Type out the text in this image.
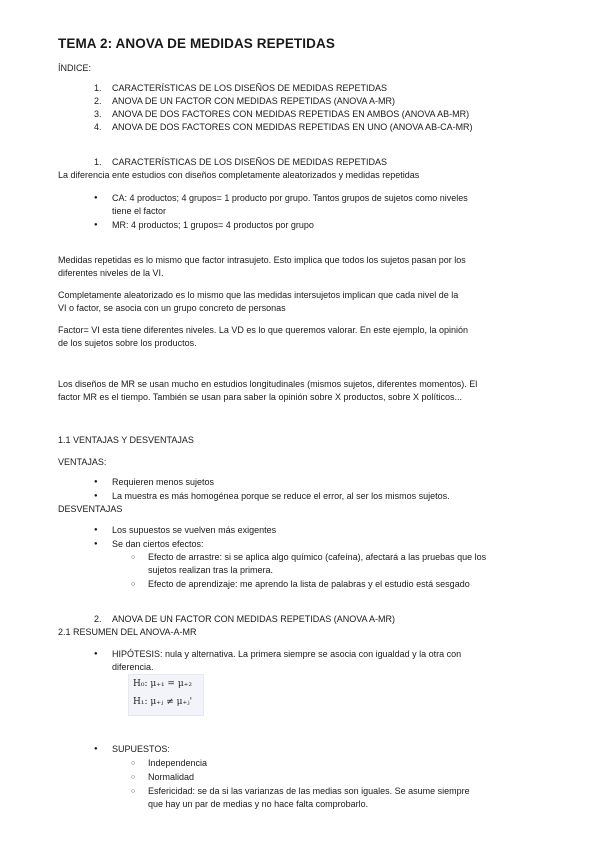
TEMA 2: ANOVA DE MEDIDAS REPETIDAS
ÍNDICE:
1. CARACTERÍSTICAS DE LOS DISEÑOS DE MEDIDAS REPETIDAS
2. ANOVA DE UN FACTOR CON MEDIDAS REPETIDAS (ANOVA A-MR)
3. ANOVA DE DOS FACTORES CON MEDIDAS REPETIDAS EN AMBOS (ANOVA AB-MR)
4. ANOVA DE DOS FACTORES CON MEDIDAS REPETIDAS EN UNO (ANOVA AB-CA-MR)
1. CARACTERÍSTICAS DE LOS DISEÑOS DE MEDIDAS REPETIDAS
La diferencia ente estudios con diseños completamente aleatorizados y medidas repetidas
● CA: 4 productos; 4 grupos= 1 producto por grupo. Tantos grupos de sujetos como niveles
tiene el factor
● MR: 4 productos; 1 grupos= 4 productos por grupo
Medidas repetidas es lo mismo que factor intrasujeto. Esto implica que todos los sujetos pasan por los
diferentes niveles de la VI.
Completamente aleatorizado es lo mismo que las medidas intersujetos implican que cada nivel de la
VI o factor, se asocia con un grupo concreto de personas
Factor= VI esta tiene diferentes niveles. La VD es lo que queremos valorar. En este ejemplo, la opinión
de los sujetos sobre los productos.
Los diseños de MR se usan mucho en estudios longitudinales (mismos sujetos, diferentes momentos). El
factor MR es el tiempo. También se usan para saber la opinión sobre X productos, sobre X políticos...
1.1 VENTAJAS Y DESVENTAJAS
VENTAJAS:
● Requieren menos sujetos
● La muestra es más homogénea porque se reduce el error, al ser los mismos sujetos.
DESVENTAJAS
● Los supuestos se vuelven más exigentes
● Se dan ciertos efectos:
○ Efecto de arrastre: si se aplica algo químico (cafeína), afectará a las pruebas que los
sujetos realizan tras la primera.
○ Efecto de aprendizaje: me aprendo la lista de palabras y el estudio está sesgado
2. ANOVA DE UN FACTOR CON MEDIDAS REPETIDAS (ANOVA A-MR)
2.1 RESUMEN DEL ANOVA-A-MR
● HIPÓTESIS: nula y alternativa. La primera siempre se asocia con igualdad y la otra con
diferencia.
H₀: μ₊₁ = μ₊₂
H₁: μ₊ⱼ ≠ μ₊ⱼ'
● SUPUESTOS:
○ Independencia
○ Normalidad
○ Esfericidad: se da si las varianzas de las medias son iguales. Se asume siempre
que hay un par de medias y no hace falta comprobarlo.
